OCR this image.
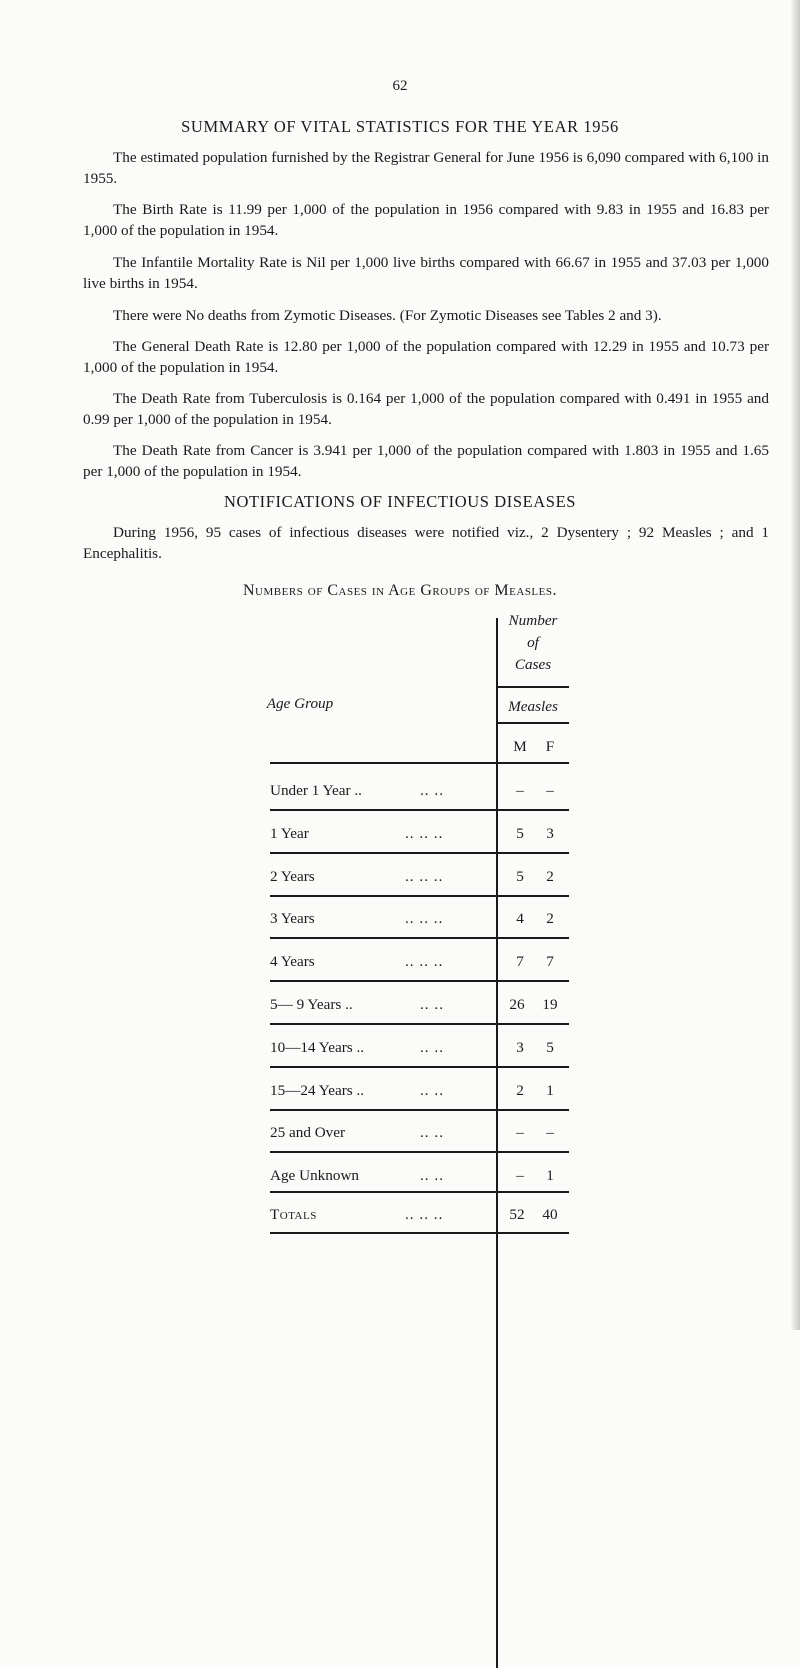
62
SUMMARY OF VITAL STATISTICS FOR THE YEAR 1956
The estimated population furnished by the Registrar General for June 1956 is 6,090 compared with 6,100 in 1955.
The Birth Rate is 11.99 per 1,000 of the population in 1956 compared with 9.83 in 1955 and 16.83 per 1,000 of the population in 1954.
The Infantile Mortality Rate is Nil per 1,000 live births compared with 66.67 in 1955 and 37.03 per 1,000 live births in 1954.
There were No deaths from Zymotic Diseases. (For Zymotic Diseases see Tables 2 and 3).
The General Death Rate is 12.80 per 1,000 of the population compared with 12.29 in 1955 and 10.73 per 1,000 of the population in 1954.
The Death Rate from Tuberculosis is 0.164 per 1,000 of the population compared with 0.491 in 1955 and 0.99 per 1,000 of the population in 1954.
The Death Rate from Cancer is 3.941 per 1,000 of the population compared with 1.803 in 1955 and 1.65 per 1,000 of the population in 1954.
NOTIFICATIONS OF INFECTIOUS DISEASES
During 1956, 95 cases of infectious diseases were notified viz., 2 Dysentery ; 92 Measles ; and 1 Encephalitis.
Numbers of Cases in Age Groups of Measles.
Number
of
Cases
Age Group	Measles
M	F
Under 1 Year ..	.. ..	–	–
1 Year	.. .. ..	5	3
2 Years	.. .. ..	5	2
3 Years	.. .. ..	4	2
4 Years	.. .. ..	7	7
5— 9 Years ..	.. ..	26	19
10—14 Years ..	.. ..	3	5
15—24 Years ..	.. ..	2	1
25 and Over	.. ..	–	–
Age Unknown	.. ..	–	1
Totals	.. .. ..	52	40
